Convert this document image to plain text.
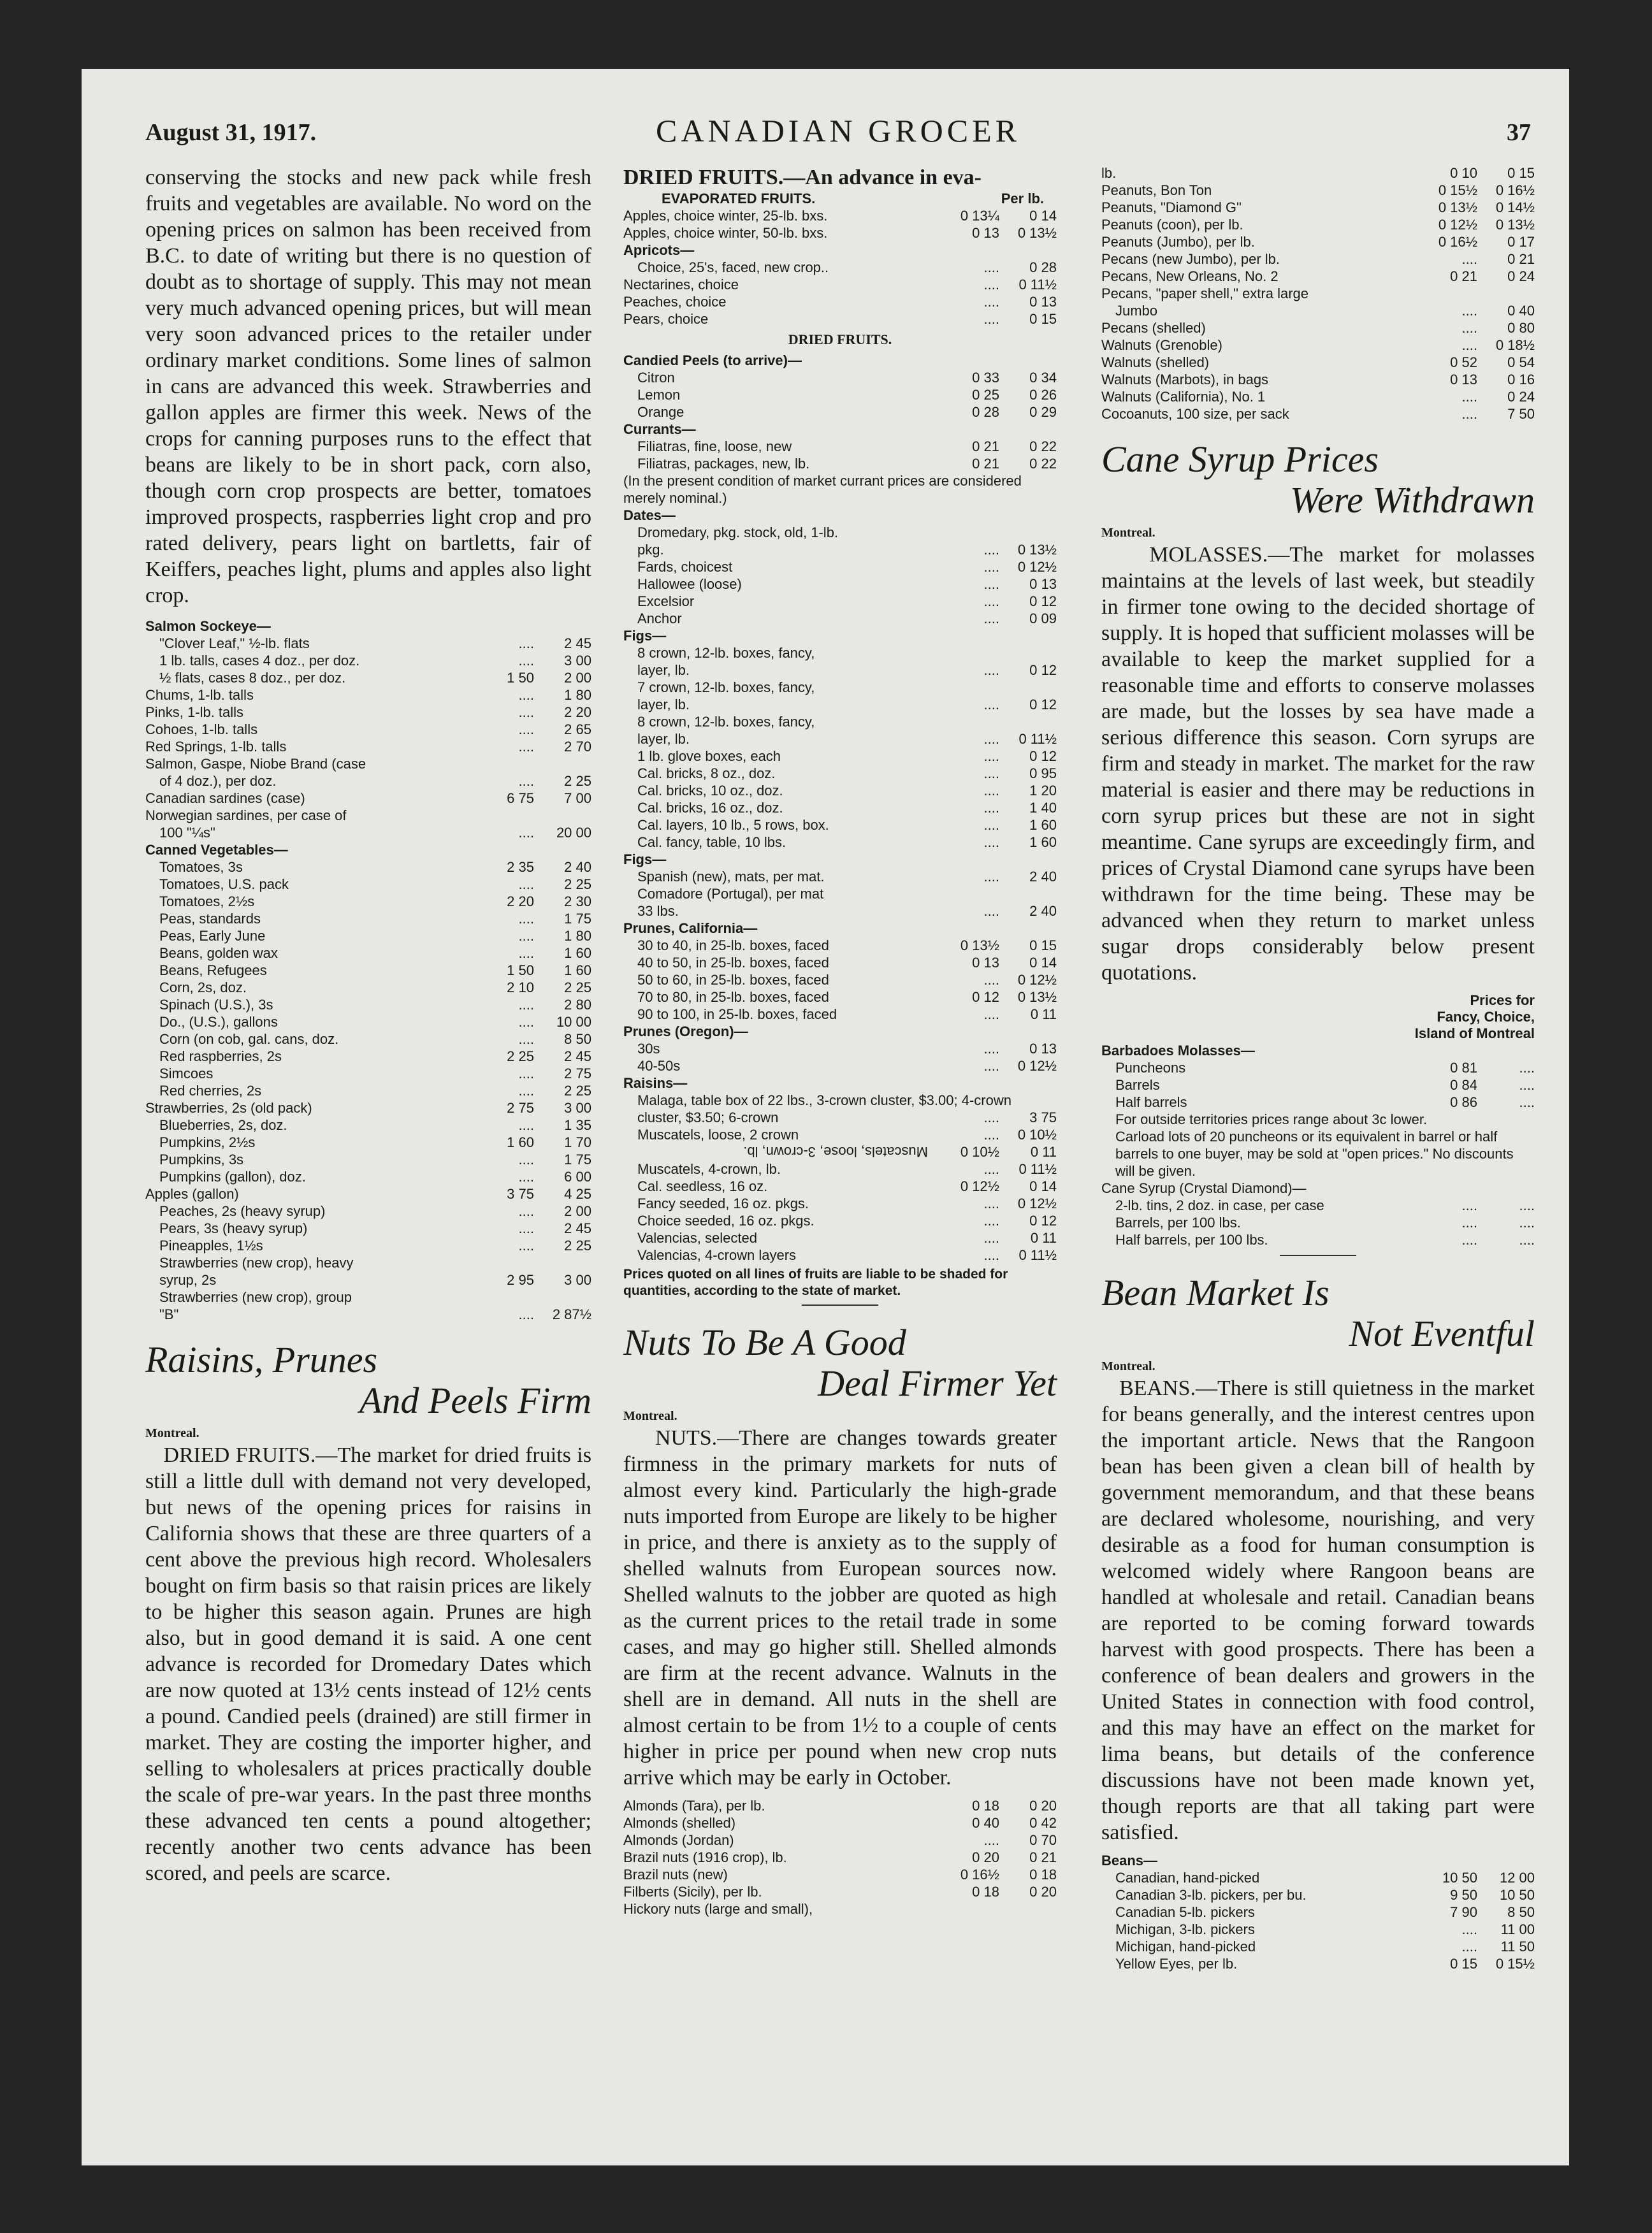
August 31, 1917.	CANADIAN GROCER	37

conserving the stocks and new pack while fresh fruits and vegetables are available. No word on the opening prices on salmon has been received from B.C. to date of writing but there is no question of doubt as to shortage of supply. This may not mean very much advanced opening prices, but will mean very soon advanced prices to the retailer under ordinary market conditions. Some lines of salmon in cans are advanced this week. Strawberries and gallon apples are firmer this week. News of the crops for canning purposes runs to the effect that beans are likely to be in short pack, corn also, though corn crop prospects are better, tomatoes improved prospects, raspberries light crop and pro rated delivery, pears light on bartletts, fair of Keiffers, peaches light, plums and apples also light crop.

Salmon Sockeye—		
"Clover Leaf," ½-lb. flats	....	2 45
1 lb. talls, cases 4 doz., per doz.	....	3 00
½ flats, cases 8 doz., per doz.	1 50	2 00
Chums, 1-lb. talls	....	1 80
Pinks, 1-lb. talls	....	2 20
Cohoes, 1-lb. talls	....	2 65
Red Springs, 1-lb. talls	....	2 70
Salmon, Gaspe, Niobe Brand (case		
of 4 doz.), per doz.	....	2 25
Canadian sardines (case)	6 75	7 00
Norwegian sardines, per case of		
100 "¼s"	....	20 00
Canned Vegetables—		
Tomatoes, 3s	2 35	2 40
Tomatoes, U.S. pack	....	2 25
Tomatoes, 2½s	2 20	2 30
Peas, standards	....	1 75
Peas, Early June	....	1 80
Beans, golden wax	....	1 60
Beans, Refugees	1 50	1 60
Corn, 2s, doz.	2 10	2 25
Spinach (U.S.), 3s	....	2 80
Do., (U.S.), gallons	....	10 00
Corn (on cob, gal. cans, doz.	....	8 50
Red raspberries, 2s	2 25	2 45
Simcoes	....	2 75
Red cherries, 2s	....	2 25
Strawberries, 2s (old pack)	2 75	3 00
Blueberries, 2s, doz.	....	1 35
Pumpkins, 2½s	1 60	1 70
Pumpkins, 3s	....	1 75
Pumpkins (gallon), doz.	....	6 00
Apples (gallon)	3 75	4 25
Peaches, 2s (heavy syrup)	....	2 00
Pears, 3s (heavy syrup)	....	2 45
Pineapples, 1½s	....	2 25
Strawberries (new crop), heavy		
syrup, 2s	2 95	3 00
Strawberries (new crop), group		
"B"	....	2 87½
Raisins, Prunes
And Peels Firm
Montreal.

DRIED FRUITS.—The market for dried fruits is still a little dull with demand not very developed, but news of the opening prices for raisins in California shows that these are three quarters of a cent above the previous high record. Wholesalers bought on firm basis so that raisin prices are likely to be higher this season again. Prunes are high also, but in good demand it is said. A one cent advance is recorded for Dromedary Dates which are now quoted at 13½ cents instead of 12½ cents a pound. Candied peels (drained) are still firmer in market. They are costing the importer higher, and selling to wholesalers at prices practically double the scale of pre-war years. In the past three months these advanced ten cents a pound altogether; recently another two cents advance has been scored, and peels are scarce.

DRIED FRUITS.—An advance in eva-
EVAPORATED FRUITS.	Per lb.
Apples, choice winter, 25-lb. bxs.	0 13¼	0 14
Apples, choice winter, 50-lb. bxs.	0 13	0 13½
Apricots—		
Choice, 25's, faced, new crop..	....	0 28
Nectarines, choice	....	0 11½
Peaches, choice	....	0 13
Pears, choice	....	0 15
DRIED FRUITS.
Candied Peels (to arrive)—		
Citron	0 33	0 34
Lemon	0 25	0 26
Orange	0 28	0 29
Currants—		
Filiatras, fine, loose, new	0 21	0 22
Filiatras, packages, new, lb.	0 21	0 22
(In the present condition of market currant prices are considered merely nominal.)		
Dates—		
Dromedary, pkg. stock, old, 1-lb.		
pkg.	....	0 13½
Fards, choicest	....	0 12½
Hallowee (loose)	....	0 13
Excelsior	....	0 12
Anchor	....	0 09
Figs—		
8 crown, 12-lb. boxes, fancy,		
layer, lb.	....	0 12
7 crown, 12-lb. boxes, fancy,		
layer, lb.	....	0 12
8 crown, 12-lb. boxes, fancy,		
layer, lb.	....	0 11½
1 lb. glove boxes, each	....	0 12
Cal. bricks, 8 oz., doz.	....	0 95
Cal. bricks, 10 oz., doz.	....	1 20
Cal. bricks, 16 oz., doz.	....	1 40
Cal. layers, 10 lb., 5 rows, box.	....	1 60
Cal. fancy, table, 10 lbs.	....	1 60
Figs—		
Spanish (new), mats, per mat.	....	2 40
Comadore (Portugal), per mat		
33 lbs.	....	2 40
Prunes, California—		
30 to 40, in 25-lb. boxes, faced	0 13½	0 15
40 to 50, in 25-lb. boxes, faced	0 13	0 14
50 to 60, in 25-lb. boxes, faced	....	0 12½
70 to 80, in 25-lb. boxes, faced	0 12	0 13½
90 to 100, in 25-lb. boxes, faced	....	0 11
Prunes (Oregon)—		
30s	....	0 13
40-50s	....	0 12½
Raisins—		
Malaga, table box of 22 lbs., 3-crown cluster, $3.00; 4-crown		
cluster, $3.50; 6-crown	....	3 75
Muscatels, loose, 2 crown	....	0 10½
Muscatels, loose, 3-crown, lb.	0 10½	0 11
Muscatels, 4-crown, lb.	....	0 11½
Cal. seedless, 16 oz.	0 12½	0 14
Fancy seeded, 16 oz. pkgs.	....	0 12½
Choice seeded, 16 oz. pkgs.	....	0 12
Valencias, selected	....	0 11
Valencias, 4-crown layers	....	0 11½
Prices quoted on all lines of fruits are liable to be shaded for quantities, according to the state of market.
Nuts To Be A Good
Deal Firmer Yet
Montreal.

NUTS.—There are changes towards greater firmness in the primary markets for nuts of almost every kind. Particularly the high-grade nuts imported from Europe are likely to be higher in price, and there is anxiety as to the supply of shelled walnuts from European sources now. Shelled walnuts to the jobber are quoted as high as the current prices to the retail trade in some cases, and may go higher still. Shelled almonds are firm at the recent advance. Walnuts in the shell are in demand. All nuts in the shell are almost certain to be from 1½ to a couple of cents higher in price per pound when new crop nuts arrive which may be early in October.

Almonds (Tara), per lb.	0 18	0 20
Almonds (shelled)	0 40	0 42
Almonds (Jordan)	....	0 70
Brazil nuts (1916 crop), lb.	0 20	0 21
Brazil nuts (new)	0 16½	0 18
Filberts (Sicily), per lb.	0 18	0 20
Hickory nuts (large and small),		
lb.	0 10	0 15
Peanuts, Bon Ton	0 15½	0 16½
Peanuts, "Diamond G"	0 13½	0 14½
Peanuts (coon), per lb.	0 12½	0 13½
Peanuts (Jumbo), per lb.	0 16½	0 17
Pecans (new Jumbo), per lb.	....	0 21
Pecans, New Orleans, No. 2	0 21	0 24
Pecans, "paper shell," extra large		
Jumbo	....	0 40
Pecans (shelled)	....	0 80
Walnuts (Grenoble)	....	0 18½
Walnuts (shelled)	0 52	0 54
Walnuts (Marbots), in bags	0 13	0 16
Walnuts (California), No. 1	....	0 24
Cocoanuts, 100 size, per sack	....	7 50
Cane Syrup Prices
Were Withdrawn
Montreal.

MOLASSES.—The market for molasses maintains at the levels of last week, but steadily in firmer tone owing to the decided shortage of supply. It is hoped that sufficient molasses will be available to keep the market supplied for a reasonable time and efforts to conserve molasses are made, but the losses by sea have made a serious difference this season. Corn syrups are firm and steady in market. The market for the raw material is easier and there may be reductions in corn syrup prices but these are not in sight meantime. Cane syrups are exceedingly firm, and prices of Crystal Diamond cane syrups have been withdrawn for the time being. These may be advanced when they return to market unless sugar drops considerably below present quotations.

Prices for
Fancy, Choice,
Island of Montreal
Barbadoes Molasses—		
Puncheons	0 81	....
Barrels	0 84	....
Half barrels	0 86	....
For outside territories prices range about 3c lower.		
Carload lots of 20 puncheons or its equivalent in barrel or half barrels to one buyer, may be sold at "open prices." No discounts will be given.		
Cane Syrup (Crystal Diamond)—		
2-lb. tins, 2 doz. in case, per case	....	....
Barrels, per 100 lbs.	....	....
Half barrels, per 100 lbs.	....	....
Bean Market Is
Not Eventful
Montreal.

BEANS.—There is still quietness in the market for beans generally, and the interest centres upon the important article. News that the Rangoon bean has been given a clean bill of health by government memorandum, and that these beans are declared wholesome, nourishing, and very desirable as a food for human consumption is welcomed widely where Rangoon beans are handled at wholesale and retail. Canadian beans are reported to be coming forward towards harvest with good prospects. There has been a conference of bean dealers and growers in the United States in connection with food control, and this may have an effect on the market for lima beans, but details of the conference discussions have not been made known yet, though reports are that all taking part were satisfied.

Beans—		
Canadian, hand-picked	10 50	12 00
Canadian 3-lb. pickers, per bu.	9 50	10 50
Canadian 5-lb. pickers	7 90	8 50
Michigan, 3-lb. pickers	....	11 00
Michigan, hand-picked	....	11 50
Yellow Eyes, per lb.	0 15	0 15½
